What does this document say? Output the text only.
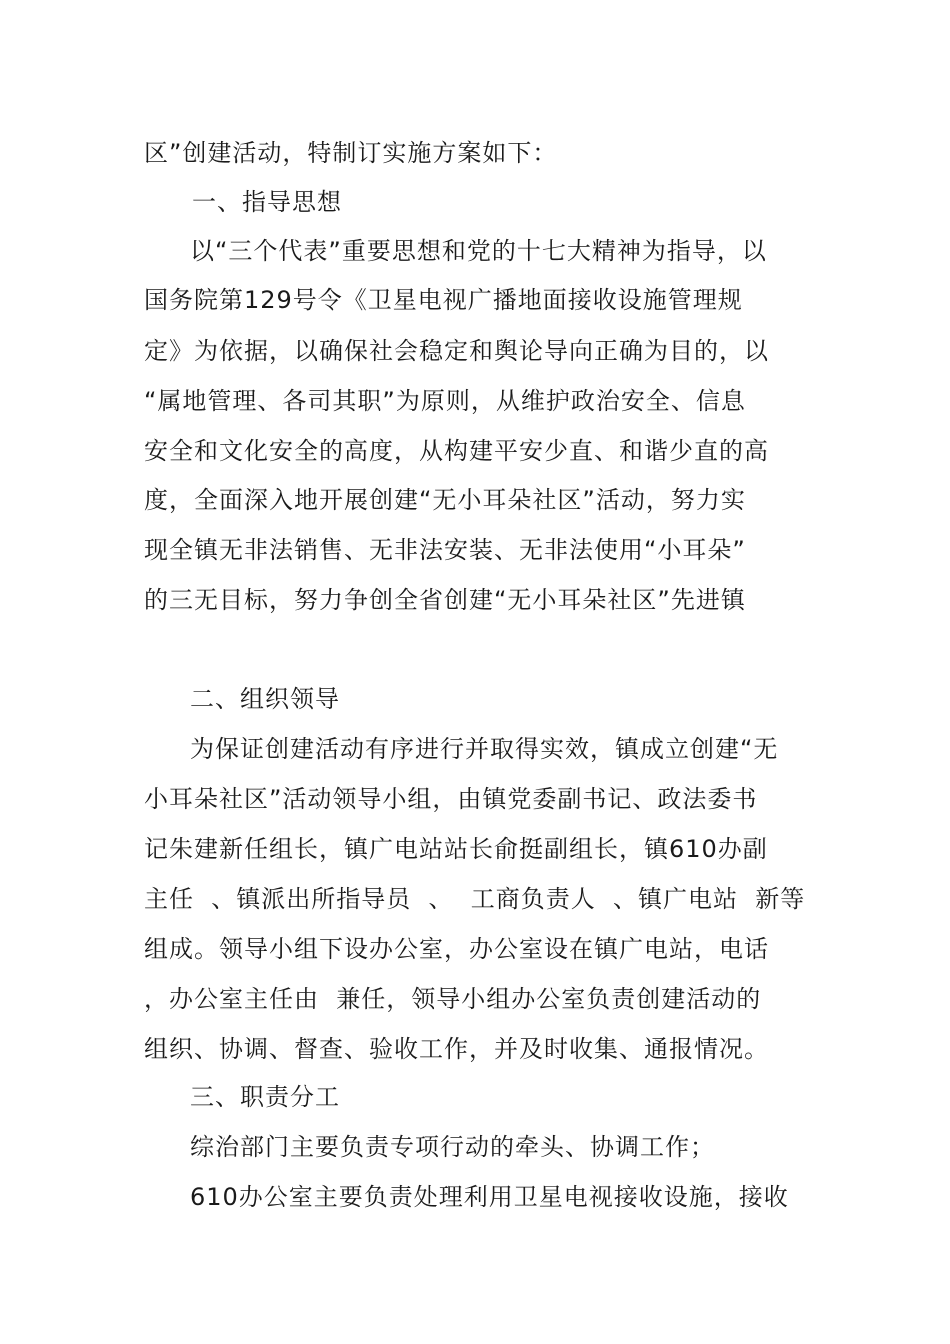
区”创建活动，特制订实施方案如下：
一、指导思想
以“三个代表”重要思想和党的十七大精神为指导，以
国务院第129号令《卫星电视广播地面接收设施管理规
定》为依据，以确保社会稳定和舆论导向正确为目的，以
“属地管理、各司其职”为原则，从维护政治安全、信息
安全和文化安全的高度，从构建平安少直、和谐少直的高
度，全面深入地开展创建“无小耳朵社区”活动，努力实
现全镇无非法销售、无非法安装、无非法使用“小耳朵”
的三无目标，努力争创全省创建“无小耳朵社区”先进镇
二、组织领导
为保证创建活动有序进行并取得实效，镇成立创建“无
小耳朵社区”活动领导小组，由镇党委副书记、政法委书
记朱建新任组长，镇广电站站长俞挺副组长，镇610办副
主任  、镇派出所指导员  、  工商负责人  、镇广电站  新等
组成。领导小组下设办公室，办公室设在镇广电站，电话
，办公室主任由  兼任，领导小组办公室负责创建活动的
组织、协调、督查、验收工作，并及时收集、通报情况。
三、职责分工
综治部门主要负责专项行动的牵头、协调工作；
610办公室主要负责处理利用卫星电视接收设施，接收
